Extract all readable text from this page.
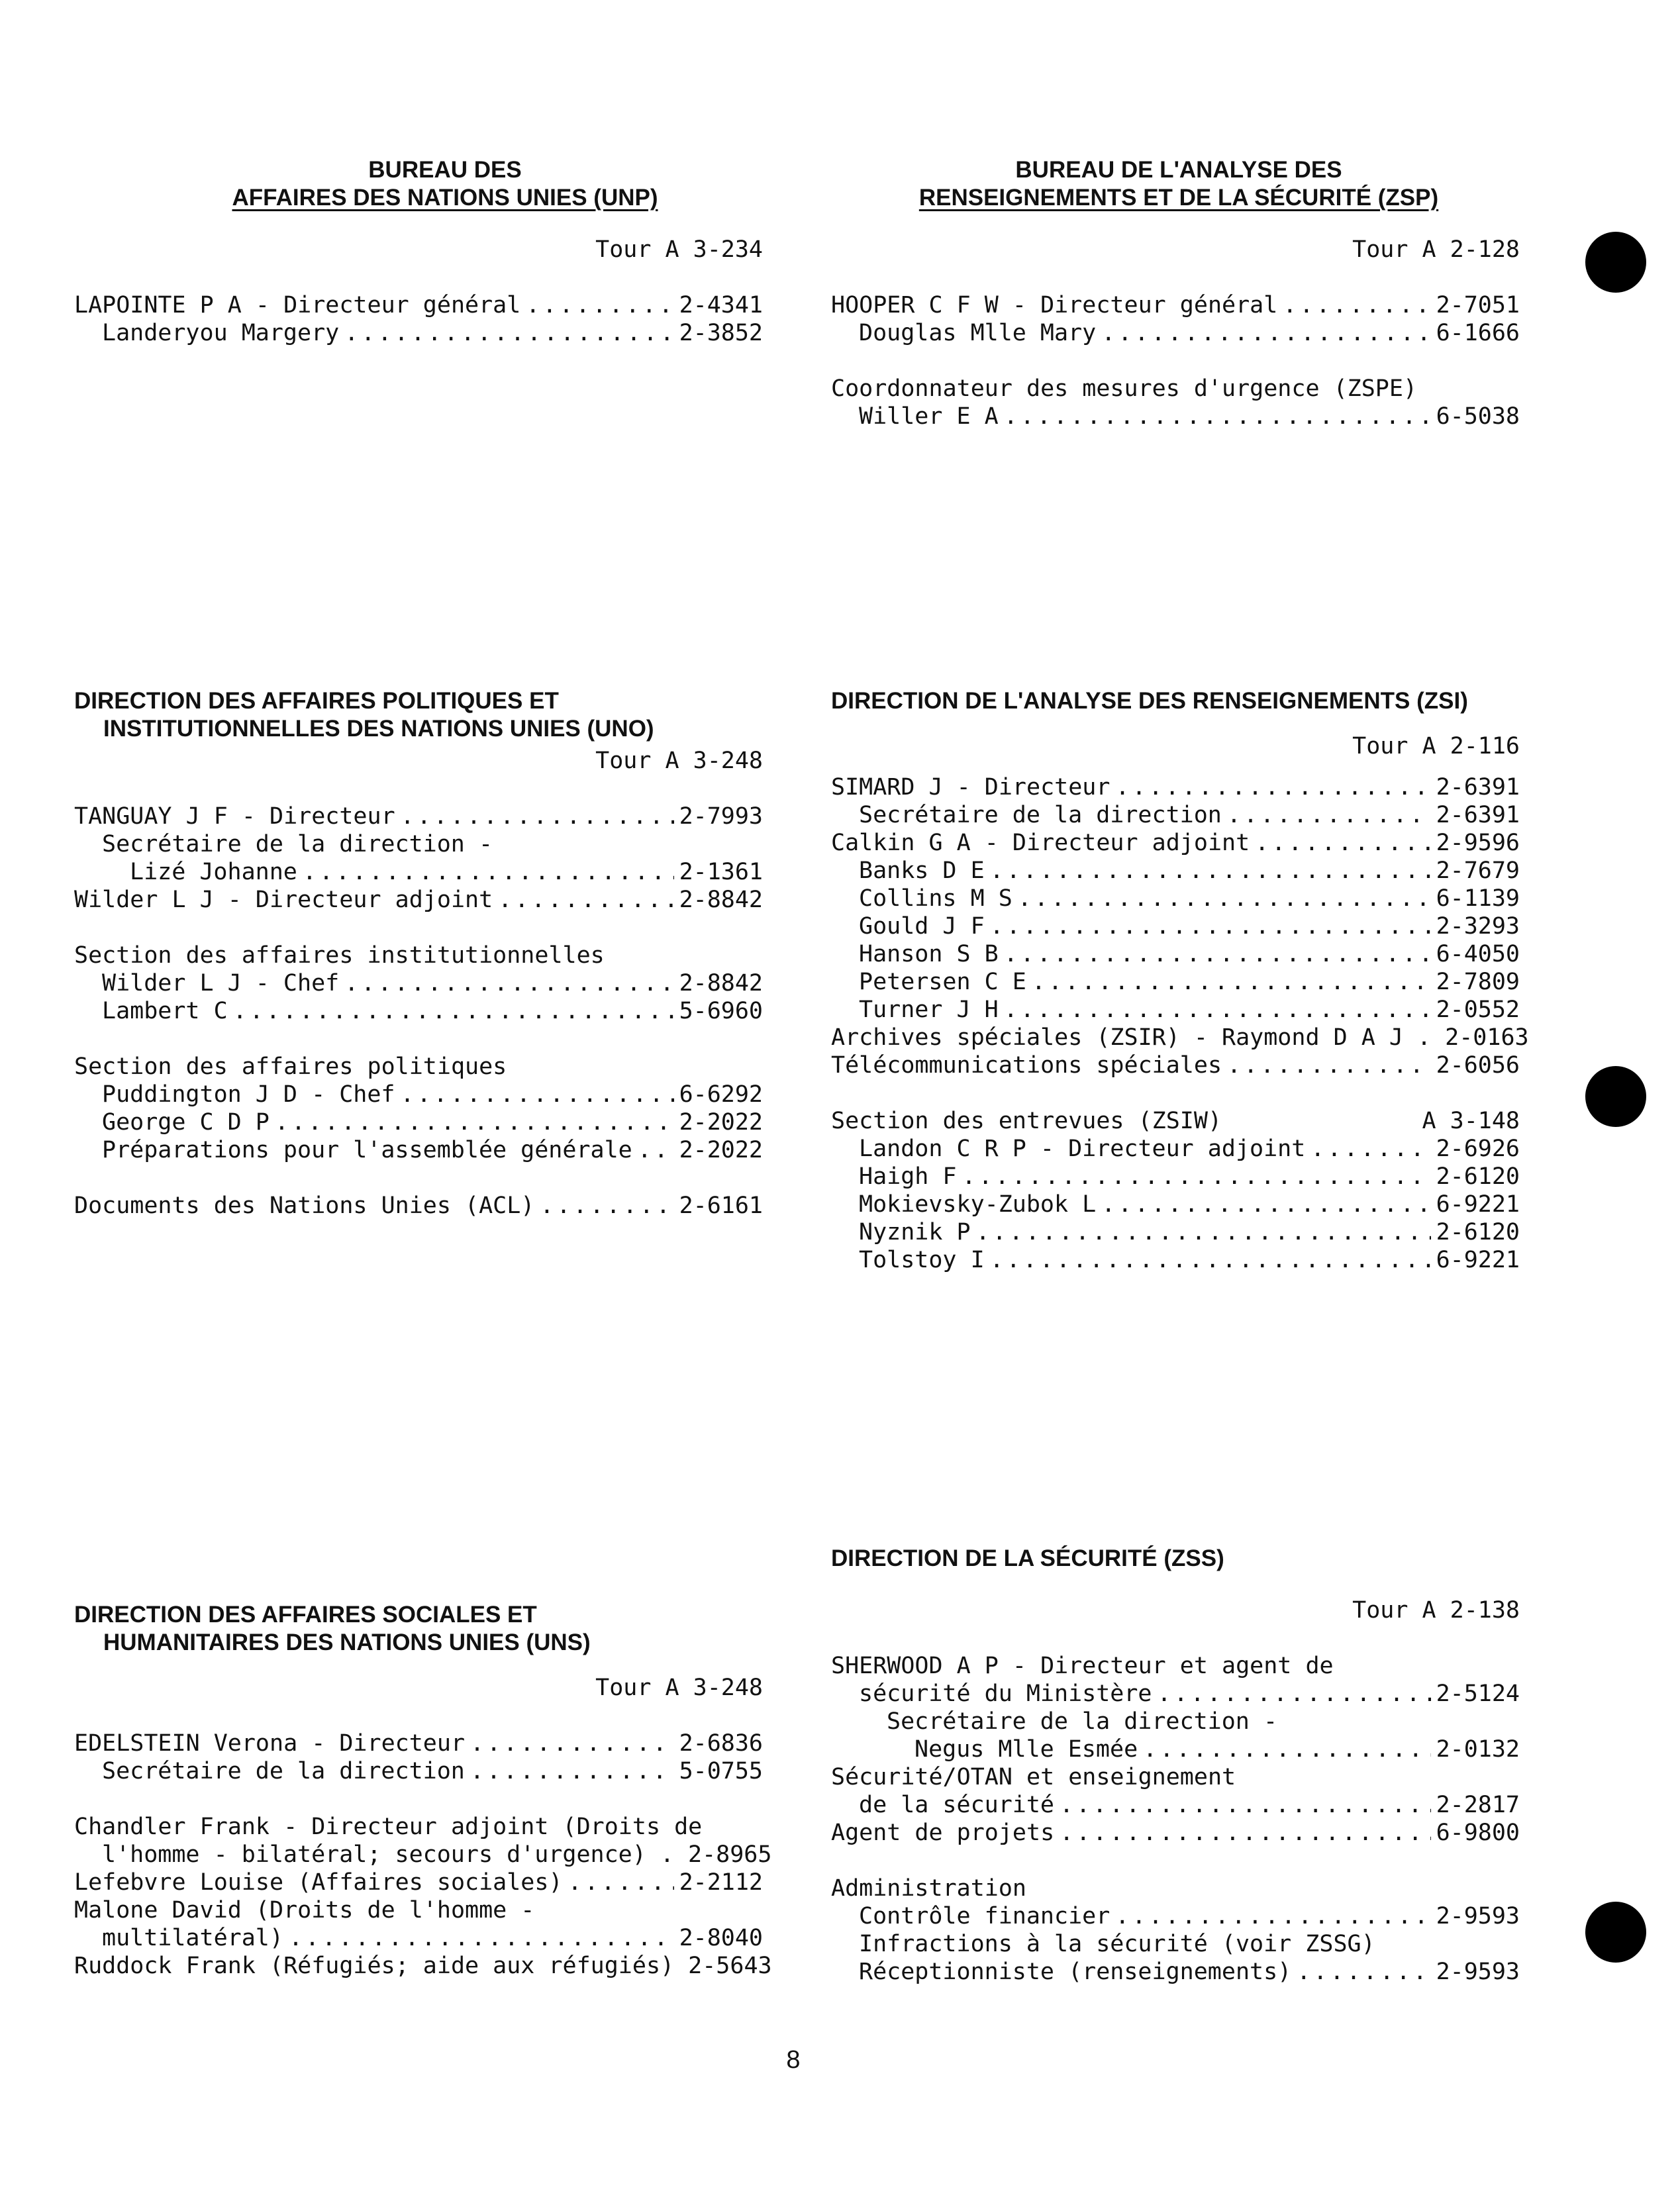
BUREAU DES
AFFAIRES DES NATIONS UNIES (UNP)
Tour A 3-234
LAPOINTE P A - Directeur général .....	2-4341
Landeryou Margery .....	2-3852
BUREAU DE L'ANALYSE DES
RENSEIGNEMENTS ET DE LA SÉCURITÉ (ZSP)
Tour A 2-128
HOOPER C F W - Directeur général .....	2-7051
Douglas Mlle Mary .....	6-1666
Coordonnateur des mesures d'urgence (ZSPE)
Willer E A .....	6-5038
DIRECTION DES AFFAIRES POLITIQUES ET
INSTITUTIONNELLES DES NATIONS UNIES (UNO)
Tour A 3-248
TANGUAY J F - Directeur .....	2-7993
Secrétaire de la direction -
Lizé Johanne .....	2-1361
Wilder L J - Directeur adjoint .....	2-8842
Section des affaires institutionnelles
Wilder L J - Chef .....	2-8842
Lambert C .....	5-6960
Section des affaires politiques
Puddington J D - Chef .....	6-6292
George C D P .....	2-2022
Préparations pour l'assemblée générale ..... 2-2022
Documents des Nations Unies (ACL) .....	2-6161
DIRECTION DE L'ANALYSE DES RENSEIGNEMENTS (ZSI)
Tour A 2-116
SIMARD J - Directeur .....	2-6391
Secrétaire de la direction .....	2-6391
Calkin G A - Directeur adjoint .....	2-9596
Banks D E .....	2-7679
Collins M S .....	6-1139
Gould J F .....	2-3293
Hanson S B .....	6-4050
Petersen C E .....	2-7809
Turner J H .....	2-0552
Archives spéciales (ZSIR) - Raymond D A J . 2-0163
Télécommunications spéciales .....	2-6056
Section des entrevues (ZSIW)	A 3-148
Landon C R P - Directeur adjoint .....	2-6926
Haigh F .....	2-6120
Mokievsky-Zubok L .....	6-9221
Nyznik P .....	2-6120
Tolstoy I .....	6-9221
DIRECTION DES AFFAIRES SOCIALES ET
HUMANITAIRES DES NATIONS UNIES (UNS)
Tour A 3-248
EDELSTEIN Verona - Directeur .....	2-6836
Secrétaire de la direction .....	5-0755
Chandler Frank - Directeur adjoint (Droits de
l'homme - bilatéral; secours d'urgence) . 2-8965
Lefebvre Louise (Affaires sociales) .....	2-2112
Malone David (Droits de l'homme -
multilatéral) .....	2-8040
Ruddock Frank (Réfugiés; aide aux réfugiés) 2-5643
DIRECTION DE LA SÉCURITÉ (ZSS)
Tour A 2-138
SHERWOOD A P - Directeur et agent de
sécurité du Ministère .....	2-5124
Secrétaire de la direction -
Negus Mlle Esmée .....	2-0132
Sécurité/OTAN et enseignement
de la sécurité .....	2-2817
Agent de projets .....	6-9800
Administration
Contrôle financier .....	2-9593
Infractions à la sécurité (voir ZSSG)
Réceptionniste (renseignements) .....	2-9593
8
